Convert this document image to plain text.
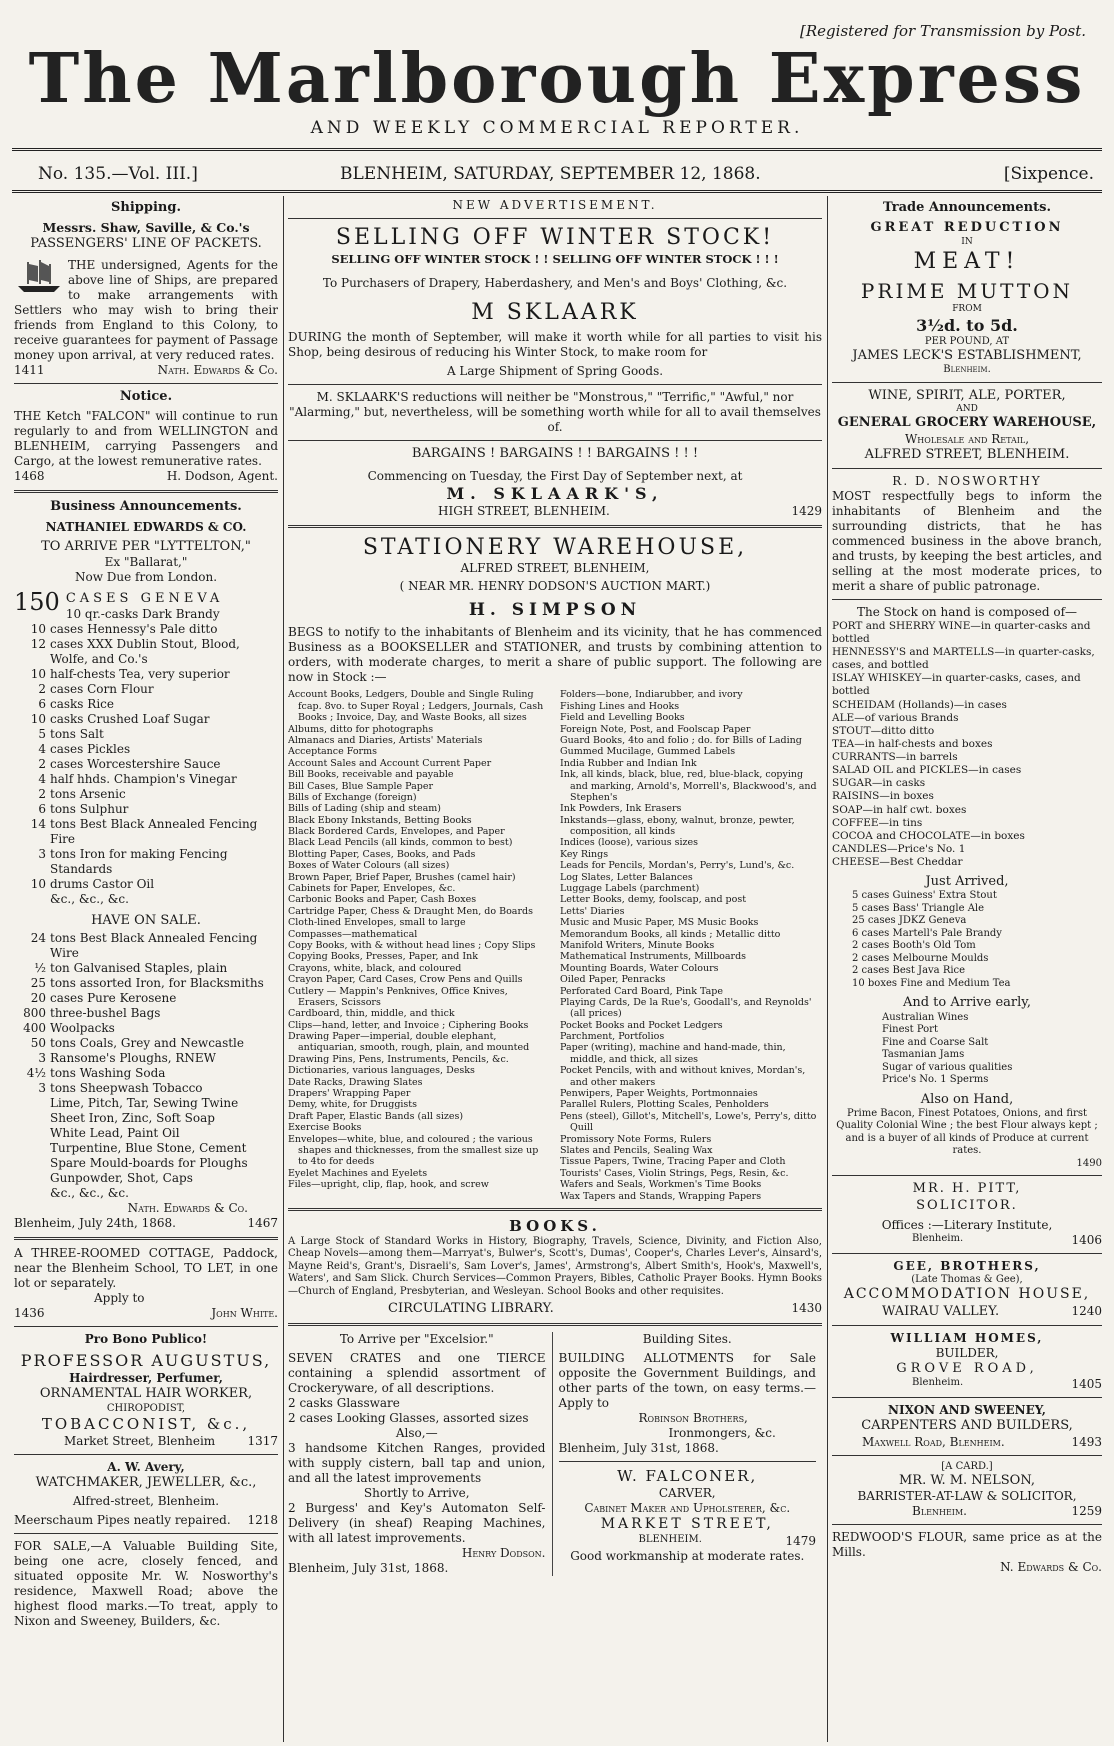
[Registered for Transmission by Post.
The Marlborough Express
AND WEEKLY COMMERCIAL REPORTER.
No. 135.—Vol. III.]	BLENHEIM, SATURDAY, SEPTEMBER 12, 1868.	[Sixpence.
Shipping.
Messrs. Shaw, Saville, & Co.'s
PASSENGERS' LINE OF PACKETS.
THE undersigned, Agents for the above line of Ships, are prepared to make arrangements with Settlers who may wish to bring their friends from England to this Colony, to receive guarantees for payment of Passage money upon arrival, at very reduced rates.
1411	Nath. Edwards & Co.
Notice.
THE Ketch "FALCON" will continue to run regularly to and from WELLINGTON and BLENHEIM, carrying Passengers and Cargo, at the lowest remunerative rates.
1468	H. Dodson, Agent.
Business Announcements.
NATHANIEL EDWARDS & CO.
TO ARRIVE PER "LYTTELTON,"
Ex "Ballarat,"
Now Due from London.
150 CASES GENEVA
10 qr.-casks Dark Brandy
10 cases Hennessy's Pale ditto
12 cases XXX Dublin Stout, Blood, Wolfe, and Co.'s
10 half-chests Tea, very superior
2 cases Corn Flour
6 casks Rice
10 casks Crushed Loaf Sugar
5 tons Salt
4 cases Pickles
2 cases Worcestershire Sauce
4 half hhds. Champion's Vinegar
2 tons Arsenic
6 tons Sulphur
14 tons Best Black Annealed Fencing Fire
3 tons Iron for making Fencing Standards
10 drums Castor Oil
&c., &c., &c.
HAVE ON SALE.
24 tons Best Black Annealed Fencing Wire
½ ton Galvanised Staples, plain
25 tons assorted Iron, for Blacksmiths
20 cases Pure Kerosene
800 three-bushel Bags
400 Woolpacks
50 tons Coals, Grey and Newcastle
3 Ransome's Ploughs, RNEW
4½ tons Washing Soda
3 tons Sheepwash Tobacco
Lime, Pitch, Tar, Sewing Twine
Sheet Iron, Zinc, Soft Soap
White Lead, Paint Oil
Turpentine, Blue Stone, Cement
Spare Mould-boards for Ploughs
Gunpowder, Shot, Caps
&c., &c., &c.
Nath. Edwards & Co.
Blenheim, July 24th, 1868.	1467
A THREE-ROOMED COTTAGE, Paddock, near the Blenheim School, TO LET, in one lot or separately.
Apply to
1436	John White.
Pro Bono Publico!
PROFESSOR AUGUSTUS,
Hairdresser, Perfumer,
ORNAMENTAL HAIR WORKER,
CHIROPODIST,
TOBACCONIST, &c.,
Market Street, Blenheim	1317
A. W. Avery,
WATCHMAKER, JEWELLER, &c.,
Alfred-street, Blenheim.
Meerschaum Pipes neatly repaired. 1218
FOR SALE,—A Valuable Building Site, being one acre, closely fenced, and situated opposite Mr. W. Nosworthy's residence, Maxwell Road; above the highest flood marks.—To treat, apply to Nixon and Sweeney, Builders, &c.
NEW ADVERTISEMENT.
SELLING OFF WINTER STOCK!
SELLING OFF WINTER STOCK ! ! SELLING OFF WINTER STOCK ! ! !
To Purchasers of Drapery, Haberdashery, and Men's and Boys' Clothing, &c.
M SKLAARK
DURING the month of September, will make it worth while for all parties to visit his Shop, being desirous of reducing his Winter Stock, to make room for
A Large Shipment of Spring Goods.
M. SKLAARK'S reductions will neither be "Monstrous," "Terrific," "Awful," nor "Alarming," but, nevertheless, will be something worth while for all to avail themselves of.
BARGAINS ! BARGAINS ! ! BARGAINS ! ! !
Commencing on Tuesday, the First Day of September next, at
M. SKLAARK'S,
HIGH STREET, BLENHEIM.	1429
STATIONERY WAREHOUSE,
ALFRED STREET, BLENHEIM,
( NEAR MR. HENRY DODSON'S AUCTION MART.)
H. SIMPSON
BEGS to notify to the inhabitants of Blenheim and its vicinity, that he has commenced Business as a BOOKSELLER and STATIONER, and trusts by combining attention to orders, with moderate charges, to merit a share of public support. The following are now in Stock :—

Account Books, Ledgers, Double and Single Ruling fcap. 8vo. to Super Royal ; Ledgers, Journals, Cash Books ; Invoice, Day, and Waste Books, all sizes

Albums, ditto for photographs

Almanacs and Diaries, Artists' Materials

Acceptance Forms

Account Sales and Account Current Paper

Bill Books, receivable and payable

Bill Cases, Blue Sample Paper

Bills of Exchange (foreign)

Bills of Lading (ship and steam)

Black Ebony Inkstands, Betting Books

Black Bordered Cards, Envelopes, and Paper

Black Lead Pencils (all kinds, common to best)

Blotting Paper, Cases, Books, and Pads

Boxes of Water Colours (all sizes)

Brown Paper, Brief Paper, Brushes (camel hair)

Cabinets for Paper, Envelopes, &c.

Carbonic Books and Paper, Cash Boxes

Cartridge Paper, Chess & Draught Men, do Boards

Cloth-lined Envelopes, small to large

Compasses—mathematical

Copy Books, with & without head lines ; Copy Slips

Copying Books, Presses, Paper, and Ink

Crayons, white, black, and coloured

Crayon Paper, Card Cases, Crow Pens and Quills

Cutlery — Mappin's Penknives, Office Knives, Erasers, Scissors

Cardboard, thin, middle, and thick

Clips—hand, letter, and Invoice ; Ciphering Books

Drawing Paper—imperial, double elephant, antiquarian, smooth, rough, plain, and mounted

Drawing Pins, Pens, Instruments, Pencils, &c.

Dictionaries, various languages, Desks

Date Racks, Drawing Slates

Drapers' Wrapping Paper

Demy, white, for Druggists

Draft Paper, Elastic Bands (all sizes)

Exercise Books

Envelopes—white, blue, and coloured ; the various shapes and thicknesses, from the smallest size up to 4to for deeds

Eyelet Machines and Eyelets

Files—upright, clip, flap, hook, and screw

Folders—bone, Indiarubber, and ivory

Fishing Lines and Hooks

Field and Levelling Books

Foreign Note, Post, and Foolscap Paper

Guard Books, 4to and folio ; do. for Bills of Lading

Gummed Mucilage, Gummed Labels

India Rubber and Indian Ink

Ink, all kinds, black, blue, red, blue-black, copying and marking, Arnold's, Morrell's, Blackwood's, and Stephen's

Ink Powders, Ink Erasers

Inkstands—glass, ebony, walnut, bronze, pewter, composition, all kinds

Indices (loose), various sizes

Key Rings

Leads for Pencils, Mordan's, Perry's, Lund's, &c.

Log Slates, Letter Balances

Luggage Labels (parchment)

Letter Books, demy, foolscap, and post

Letts' Diaries

Music and Music Paper, MS Music Books

Memorandum Books, all kinds ; Metallic ditto

Manifold Writers, Minute Books

Mathematical Instruments, Millboards

Mounting Boards, Water Colours

Oiled Paper, Penracks

Perforated Card Board, Pink Tape

Playing Cards, De la Rue's, Goodall's, and Reynolds' (all prices)

Pocket Books and Pocket Ledgers

Parchment, Portfolios

Paper (writing), machine and hand-made, thin, middle, and thick, all sizes

Pocket Pencils, with and without knives, Mordan's, and other makers

Penwipers, Paper Weights, Portmonnaies

Parallel Rulers, Plotting Scales, Penholders

Pens (steel), Gillot's, Mitchell's, Lowe's, Perry's, ditto Quill

Promissory Note Forms, Rulers

Slates and Pencils, Sealing Wax

Tissue Papers, Twine, Tracing Paper and Cloth

Tourists' Cases, Violin Strings, Pegs, Resin, &c.

Wafers and Seals, Workmen's Time Books

Wax Tapers and Stands, Wrapping Papers

BOOKS.
A Large Stock of Standard Works in History, Biography, Travels, Science, Divinity, and Fiction Also, Cheap Novels—among them—Marryat's, Bulwer's, Scott's, Dumas', Cooper's, Charles Lever's, Ainsard's, Mayne Reid's, Grant's, Disraeli's, Sam Lover's, James', Armstrong's, Albert Smith's, Hook's, Maxwell's, Waters', and Sam Slick. Church Services—Common Prayers, Bibles, Catholic Prayer Books. Hymn Books—Church of England, Presbyterian, and Wesleyan. School Books and other requisites.
CIRCULATING LIBRARY.	1430
To Arrive per "Excelsior."
SEVEN CRATES and one TIERCE containing a splendid assortment of Crockeryware, of all descriptions.
2 casks Glassware
2 cases Looking Glasses, assorted sizes
Also,—
3 handsome Kitchen Ranges, provided with supply cistern, ball tap and union, and all the latest improvements
Shortly to Arrive,
2 Burgess' and Key's Automaton Self-Delivery (in sheaf) Reaping Machines, with all latest improvements.
Henry Dodson.
Blenheim, July 31st, 1868.
Building Sites.
BUILDING ALLOTMENTS for Sale opposite the Government Buildings, and other parts of the town, on easy terms.—Apply to
Robinson Brothers,
Ironmongers, &c.
Blenheim, July 31st, 1868.
W. FALCONER,
CARVER,
Cabinet Maker and Upholsterer, &c.
MARKET STREET,
BLENHEIM.	1479
Good workmanship at moderate rates.
Trade Announcements.
GREAT REDUCTION
IN
MEAT!
PRIME MUTTON
FROM
3½d. to 5d.
PER POUND, AT
JAMES LECK'S ESTABLISHMENT,
Blenheim.
WINE, SPIRIT, ALE, PORTER,
AND
GENERAL GROCERY WAREHOUSE,
Wholesale and Retail,
ALFRED STREET, BLENHEIM.
R. D. NOSWORTHY
MOST respectfully begs to inform the inhabitants of Blenheim and the surrounding districts, that he has commenced business in the above branch, and trusts, by keeping the best articles, and selling at the most moderate prices, to merit a share of public patronage.
The Stock on hand is composed of—
PORT and SHERRY WINE—in quarter-casks and bottled
HENNESSY'S and MARTELLS—in quarter-casks, cases, and bottled
ISLAY WHISKEY—in quarter-casks, cases, and bottled
SCHEIDAM (Hollands)—in cases
ALE—of various Brands
STOUT—ditto ditto
TEA—in half-chests and boxes
CURRANTS—in barrels
SALAD OIL and PICKLES—in cases
SUGAR—in casks
RAISINS—in boxes
SOAP—in half cwt. boxes
COFFEE—in tins
COCOA and CHOCOLATE—in boxes
CANDLES—Price's No. 1
CHEESE—Best Cheddar
Just Arrived,
5 cases Guiness' Extra Stout
5 cases Bass' Triangle Ale
25 cases JDKZ Geneva
6 cases Martell's Pale Brandy
2 cases Booth's Old Tom
2 cases Melbourne Moulds
2 cases Best Java Rice
10 boxes Fine and Medium Tea
And to Arrive early,
Australian Wines
Finest Port
Fine and Coarse Salt
Tasmanian Jams
Sugar of various qualities
Price's No. 1 Sperms
Also on Hand,
Prime Bacon, Finest Potatoes, Onions, and first Quality Colonial Wine ; the best Flour always kept ; and is a buyer of all kinds of Produce at current rates.
1490
MR. H. PITT,
SOLICITOR.
Offices :—Literary Institute,
Blenheim.	1406
GEE, BROTHERS,
(Late Thomas & Gee),
ACCOMMODATION HOUSE,
WAIRAU VALLEY.	1240
WILLIAM HOMES,
BUILDER,
GROVE ROAD,
Blenheim.	1405
NIXON AND SWEENEY,
CARPENTERS AND BUILDERS,
Maxwell Road, Blenheim.	1493
[A CARD.]
MR. W. M. NELSON,
BARRISTER-AT-LAW & SOLICITOR,
Blenheim.	1259
REDWOOD'S FLOUR, same price as at the Mills.
N. Edwards & Co.
